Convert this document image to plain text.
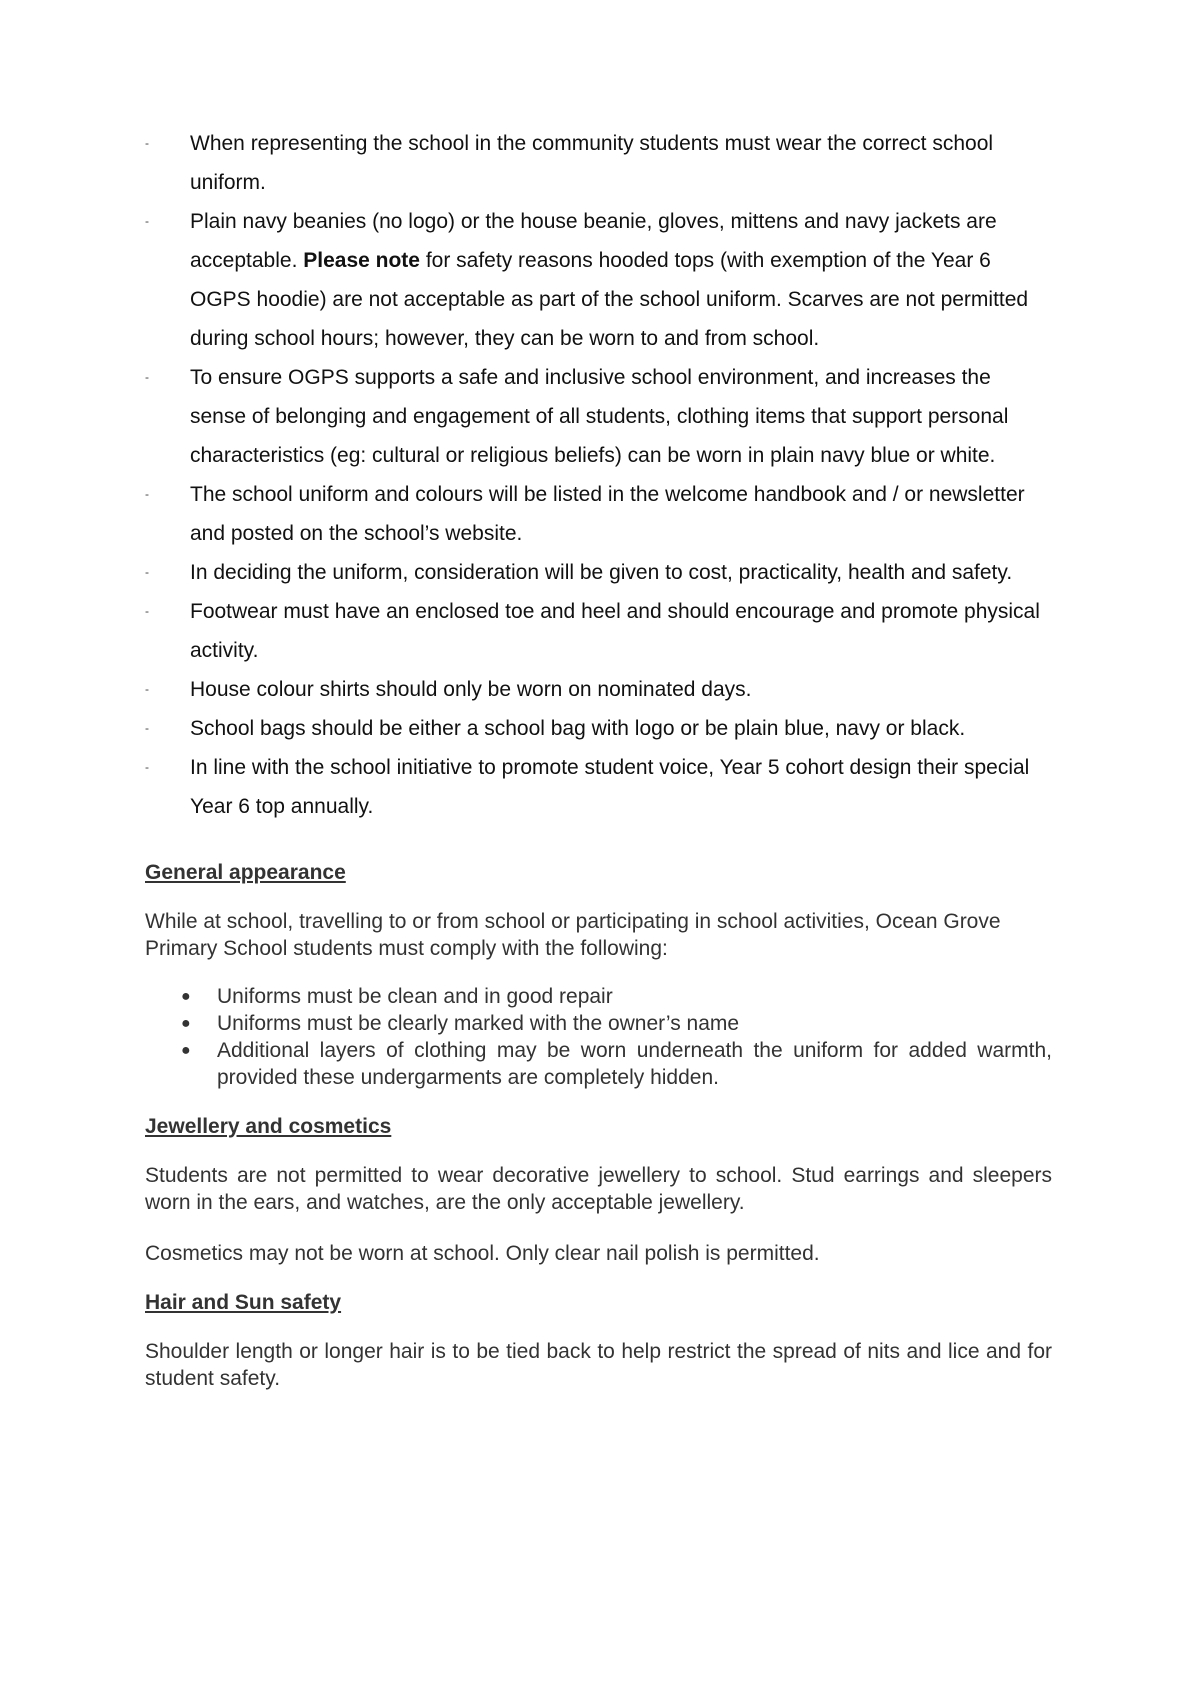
- When representing the school in the community students must wear the correct school uniform.
- Plain navy beanies (no logo) or the house beanie, gloves, mittens and navy jackets are acceptable. Please note for safety reasons hooded tops (with exemption of the Year 6 OGPS hoodie) are not acceptable as part of the school uniform. Scarves are not permitted during school hours; however, they can be worn to and from school.
- To ensure OGPS supports a safe and inclusive school environment, and increases the sense of belonging and engagement of all students, clothing items that support personal characteristics (eg: cultural or religious beliefs) can be worn in plain navy blue or white.
- The school uniform and colours will be listed in the welcome handbook and / or newsletter and posted on the school’s website.
- In deciding the uniform, consideration will be given to cost, practicality, health and safety.
- Footwear must have an enclosed toe and heel and should encourage and promote physical activity.
- House colour shirts should only be worn on nominated days.
- School bags should be either a school bag with logo or be plain blue, navy or black.
- In line with the school initiative to promote student voice, Year 5 cohort design their special Year 6 top annually.
General appearance

While at school, travelling to or from school or participating in school activities, Ocean Grove Primary School students must comply with the following:

● Uniforms must be clean and in good repair
● Uniforms must be clearly marked with the owner’s name
● Additional layers of clothing may be worn underneath the uniform for added warmth, provided these undergarments are completely hidden.
Jewellery and cosmetics

Students are not permitted to wear decorative jewellery to school. Stud earrings and sleepers worn in the ears, and watches, are the only acceptable jewellery.

Cosmetics may not be worn at school. Only clear nail polish is permitted.

Hair and Sun safety

Shoulder length or longer hair is to be tied back to help restrict the spread of nits and lice and for student safety.
